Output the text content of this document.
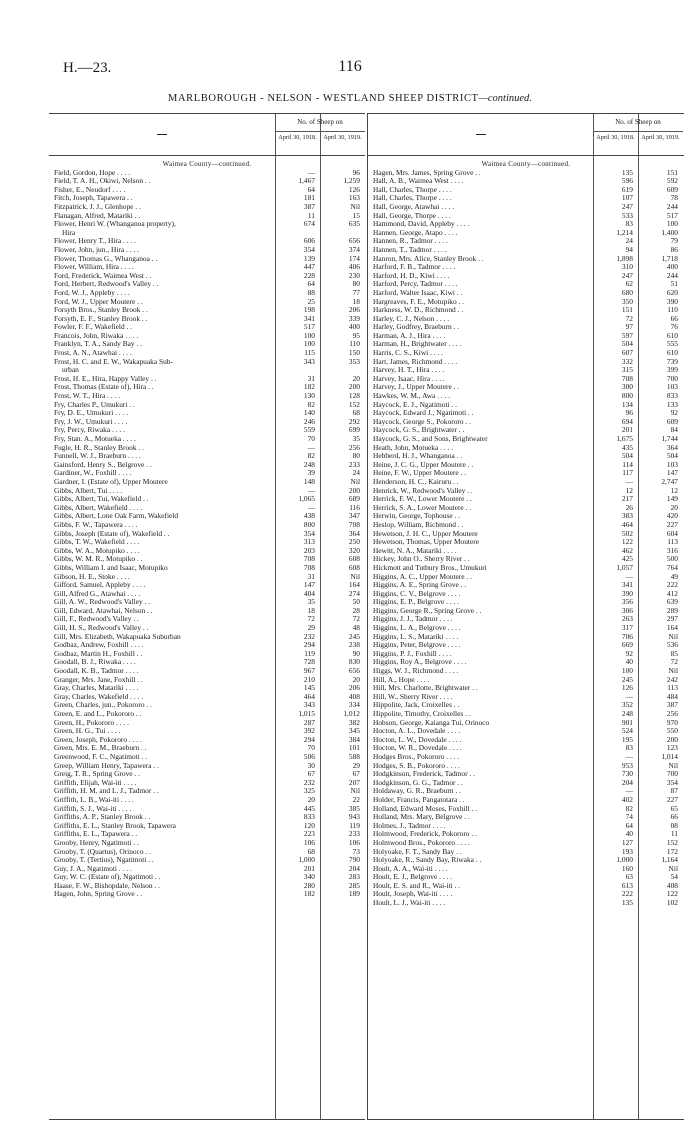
H.—23.	116
MARLBOROUGH - NELSON - WESTLAND SHEEP DISTRICT—continued.
No. of Sheep on
April 30, 1918.	April 30, 1919.
Waimea County—continued.
Field, Gordon, Hope . . . .	—	96
Field, T. A. H., Okiwi, Nelson . .	1,467	1,259
Fisher, E., Neudorf . . . .	64	126
Fitch, Joseph, Tapawera . .	181	163
Fitzpatrick, J. J., Glenhope . .	387	Nil
Flanagan, Alfred, Matariki . .	11	15
Flower, Henri W. (Whanganoa property),	674	635
Hira
Flower, Henry T., Hira . . . .	606	656
Flower, John, jun., Hira . . . .	354	374
Flower, Thomas G., Whanganoa . .	139	174
Flower, William, Hira . . . .	447	406
Ford, Frederick, Waimea West . .	228	230
Ford, Herbert, Redwood's Valley . .	64	80
Ford, W. J., Appleby . . . .	88	77
Ford, W. J., Upper Moutere . .	25	18
Forsyth Bros., Stanley Brook . .	198	206
Forsyth, E. F., Stanley Brook . .	341	339
Fowler, F. F., Wakefield . .	517	400
Francois, John, Riwaka . . . .	100	95
Franklyn, T. A., Sandy Bay . .	100	110
Frost, A. N., Atawhai . . . .	115	150
Frost, H. C. and E. W., Wakapuaka Sub-	343	353
urban
Frost, H. E., Hira, Happy Valley . .	31	20
Frost, Thomas (Estate of), Hira . .	182	200
Frost, W. T., Hira . . . .	130	128
Fry, Charles P., Umukuri . .	82	152
Fry, D. E., Umukuri . . . .	140	68
Fry, J. W., Umukuri . . . .	246	292
Fry, Percy, Riwaka . . . .	559	699
Fry, Stan. A., Motueka . . . .	70	35
Fugle, H. R., Stanley Brook . .	—	256
Funnell, W. J., Braeburn . . . .	82	80
Gainsford, Henry S., Belgrove . .	248	233
Gardiner, W., Foxhill . . . .	39	24
Gardner, I. (Estate of), Upper Moutere	148	Nil
Gibbs, Albert, Tui . . . .	—	200
Gibbs, Albert, Tui, Wakefield . .	1,065	689
Gibbs, Albert, Wakefield . . . .	—	116
Gibbs, Albert, Lone Oak Farm, Wakefield	438	347
Gibbs, F. W., Tapawera . . . .	800	708
Gibbs, Joseph (Estate of), Wakefield . .	354	364
Gibbs, T. W., Wakefield . . . .	313	250
Gibbs, W. A., Motupiko . . . .	203	320
Gibbs, W. M. R., Motupiko . .	708	608
Gibbs, William I. and Isaac, Motupiko	708	608
Gibson, H. E., Stoke . . . .	31	Nil
Gifford, Samuel, Appleby . . . .	147	164
Gill, Alfred G., Atawhai . . . .	404	274
Gill, A. W., Redwood's Valley . .	35	50
Gill, Edward, Atawhai, Nelson . .	18	28
Gill, F., Redwood's Valley . .	72	72
Gill, H. S., Redwood's Valley . .	29	48
Gill, Mrs. Elizabeth, Wakapuaka Suburban	232	245
Godbaz, Andrew, Foxhill . . . .	294	238
Godbaz, Martin H., Foxhill . .	119	90
Goodall, B. J., Riwaka . . . .	728	830
Goodall, K. B., Tadmor . . . .	967	656
Granger, Mrs. Jane, Foxhill . .	210	20
Gray, Charles, Matariki . . . .	145	206
Gray, Charles, Wakefield . . . .	464	408
Green, Charles, jun., Pokororo . .	343	334
Green, E. and L., Pokororo . .	1,015	1,012
Green, H., Pokororo . . . .	287	382
Green, H. G., Tui . . . .	392	345
Green, Joseph, Pokororo . . . .	294	384
Green, Mrs. E. M., Braeburn . .	70	101
Greenwood, F. C., Ngatimoti . .	506	588
Greep, William Henry, Tapawera . .	30	29
Greig, T. R., Spring Grove . .	67	67
Griffith, Elijah, Wai-iti . . . .	232	207
Griffith, H. M. and L. J., Tadmor . .	325	Nil
Griffith, L. B., Wai-iti . . . .	20	22
Griffith, S. J., Wai-iti . . . .	445	385
Griffiths, A. P., Stanley Brook . .	833	943
Griffiths, E. L., Stanley Brook, Tapawera	120	119
Griffiths, E. L., Tapawera . .	223	233
Grooby, Henry, Ngatimoti . .	106	106
Grooby, T. (Quartus), Orinoco . .	68	73
Grooby, T. (Tertius), Ngatimoti . .	1,000	790
Guy, J. A., Ngatimoti . . . .	201	204
Guy, W. C. (Estate of), Ngatimoti . .	340	283
Haase, F. W., Bishopdale, Nelson . .	280	285
Hagen, John, Spring Grove . .	182	189
No. of Sheep on
April 30, 1918.	April 30, 1919.
Waimea County—continued.
Hagen, Mrs. James, Spring Grove . .	135	151
Hall, A. B., Waimea West . . . .	596	592
Hall, Charles, Thorpe . . . .	619	609
Hall, Charles, Thorpe . . . .	107	78
Hall, George, Atawhai . . . .	247	244
Hall, George, Thorpe . . . .	533	517
Hammond, David, Appleby . . . .	83	100
Hannen, George, Atapo . . . .	1,214	1,400
Hannen, R., Tadmor . . . .	24	79
Hannen, T., Tadmor . . . .	94	86
Hanron, Mrs. Alice, Stanley Brook . .	1,898	1,718
Harford, F. B., Tadmor . . . .	310	400
Harford, H. D., Kiwi . . . .	247	244
Harford, Percy, Tadmor . . . .	62	51
Harford, Walter Isaac, Kiwi . .	680	620
Hargreaves, F. E., Motupiko . .	350	390
Harkness, W. D., Richmond . .	151	110
Harley, C. J., Nelson . . . .	72	66
Harley, Godfrey, Braeburn . .	97	76
Harman, A. J., Hira . . . .	597	610
Harman, H., Brightwater . . . .	504	555
Harris, C. S., Kiwi . . . .	607	610
Hart, James, Richmond . . . .	332	739
Harvey, H. T., Hira . . . .	315	399
Harvey, Isaac, Hira . . . .	708	700
Harvey, J., Upper Moutere . .	300	103
Hawkes, W. M., Awa . . . .	800	833
Haycock, E. J., Ngatimoti . .	134	133
Haycock, Edward J., Ngatimoti . .	96	92
Haycock, George S., Pokororo . .	694	609
Haycock, G. S., Brightwater . .	201	84
Haycock, G. S., and Sons, Brightwater	1,675	1,744
Heath, John, Motueka . . . .	435	364
Hebberd, H. J., Whanganoa . .	504	504
Heine, J. C. G., Upper Moutere . .	114	103
Heine, F. W., Upper Moutere . .	117	147
Henderson, H. C., Kairuru . .	—	2,747
Henrick, W., Redwood's Valley . .	12	12
Herrick, F. W., Lower Moutere . .	217	149
Herrick, S. A., Lower Moutere . .	26	20
Herwin, George, Tophouse . .	383	420
Heslop, William, Richmond . .	464	227
Hewetson, J. H. C., Upper Moutere	502	604
Hewetson, Thomas, Upper Moutere	122	113
Hewitt, N. A., Matariki . . . .	462	316
Hickey, John O., Sherry River . .	425	500
Hickmott and Tutbury Bros., Umukuri	1,057	764
Higgins, A. C., Upper Moutere . .	—	49
Higgins, A. E., Spring Grove . .	341	222
Higgins, C. V., Belgrove . . . .	390	412
Higgins, E. P., Belgrove . . . .	356	639
Higgins, George R., Spring Grove . .	306	289
Higgins, J. J., Tadmor . . . .	263	297
Higgins, L. A., Belgrove . . . .	317	164
Higgins, L. S., Matariki . . . .	706	Nil
Higgins, Peter, Belgrove . . . .	669	536
Higgins, P. J., Foxhill . . . .	92	85
Higgins, Roy A., Belgrove . . . .	40	72
Higgs, W. J., Richmond . . . .	100	Nil
Hill, A., Hope . . . .	245	242
Hill, Mrs. Charlotte, Brightwater . .	126	113
Hill, W., Sherry River . . . .	—	484
Hippolite, Jack, Croixelles . .	352	387
Hippolite, Timothy, Croixelles . .	248	256
Hobson, George, Kaianga Tui, Orinoco	901	970
Hocton, A. L., Dovedale . . . .	524	550
Hocton, L. W., Dovedale . . . .	195	200
Hocton, W. R., Dovedale . . . .	83	123
Hodges Bros., Pokororo . . . .	—	1,014
Hodges, S. B., Pokororo . . . .	953	Nil
Hodgkinson, Frederick, Tadmor . .	730	700
Hodgkinson, G. G., Tadmor . .	204	354
Holdaway, G. R., Braeburn . .	—	87
Holder, Francis, Pangatotara . .	402	227
Holland, Edward Moses, Foxhill . .	82	65
Holland, Mrs. Mary, Belgrove . .	74	66
Holmes, J., Tadmor . . . .	64	08
Holmwood, Frederick, Pokororo . .	40	11
Holmwood Bros., Pokororo . . . .	127	152
Holyoake, F. T., Sandy Bay . .	193	172
Holyoake, R., Sandy Bay, Riwaka . .	1,000	1,164
Hoult, A. A., Wai-iti . . . .	160	Nil
Hoult, E. J., Belgrove . . . .	63	54
Hoult, E. S. and R., Wai-iti . .	613	408
Hoult, Joseph, Wai-iti . . . .	222	122
Hoult, L. J., Wai-iti . . . .	135	102
